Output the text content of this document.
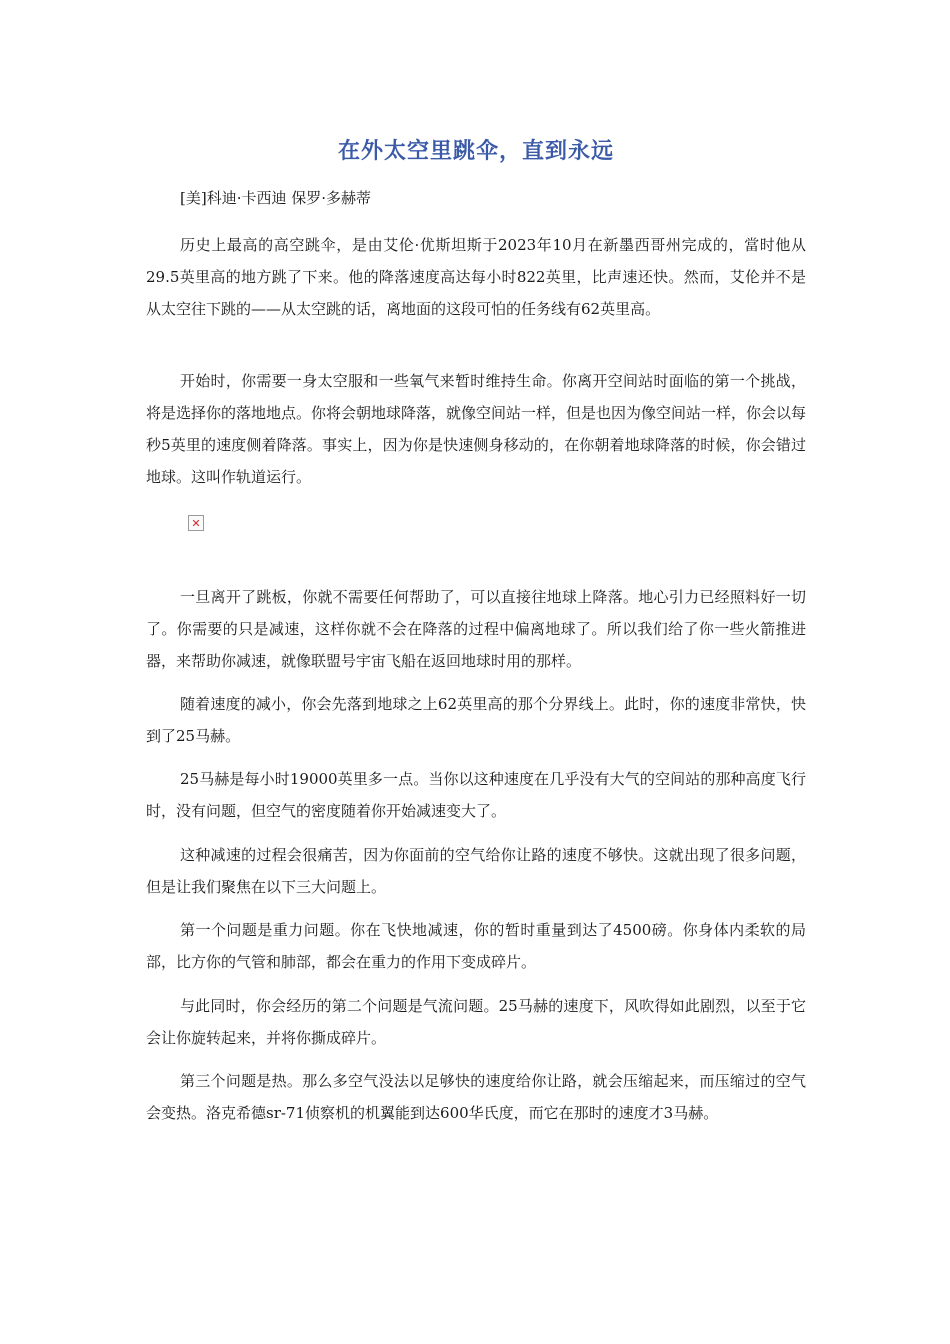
在外太空里跳伞，直到永远

[美]科迪·卡西迪 保罗·多赫蒂

历史上最高的高空跳伞，是由艾伦·优斯坦斯于2023年10月在新墨西哥州完成的，當时他从29.5英里高的地方跳了下来。他的降落速度高达每小时822英里，比声速还快。然而，艾伦并不是从太空往下跳的——从太空跳的话，离地面的这段可怕的任务线有62英里高。

开始时，你需要一身太空服和一些氧气来暂时维持生命。你离开空间站时面临的第一个挑战，将是选择你的落地地点。你将会朝地球降落，就像空间站一样，但是也因为像空间站一样，你会以每秒5英里的速度侧着降落。事实上，因为你是快速侧身移动的，在你朝着地球降落的时候，你会错过地球。这叫作轨道运行。

一旦离开了跳板，你就不需要任何帮助了，可以直接往地球上降落。地心引力已经照料好一切了。你需要的只是减速，这样你就不会在降落的过程中偏离地球了。所以我们给了你一些火箭推进器，来帮助你减速，就像联盟号宇宙飞船在返回地球时用的那样。

随着速度的减小，你会先落到地球之上62英里高的那个分界线上。此时，你的速度非常快，快到了25马赫。

25马赫是每小时19000英里多一点。当你以这种速度在几乎没有大气的空间站的那种高度飞行时，没有问题，但空气的密度随着你开始减速变大了。

这种减速的过程会很痛苦，因为你面前的空气给你让路的速度不够快。这就出现了很多问题，但是让我们聚焦在以下三大问题上。

第一个问题是重力问题。你在飞快地减速，你的暂时重量到达了4500磅。你身体内柔软的局部，比方你的气管和肺部，都会在重力的作用下变成碎片。

与此同时，你会经历的第二个问题是气流问题。25马赫的速度下，风吹得如此剧烈，以至于它会让你旋转起来，并将你撕成碎片。

第三个问题是热。那么多空气没法以足够快的速度给你让路，就会压缩起来，而压缩过的空气会变热。洛克希德sr-71侦察机的机翼能到达600华氏度，而它在那时的速度才3马赫。

✕
